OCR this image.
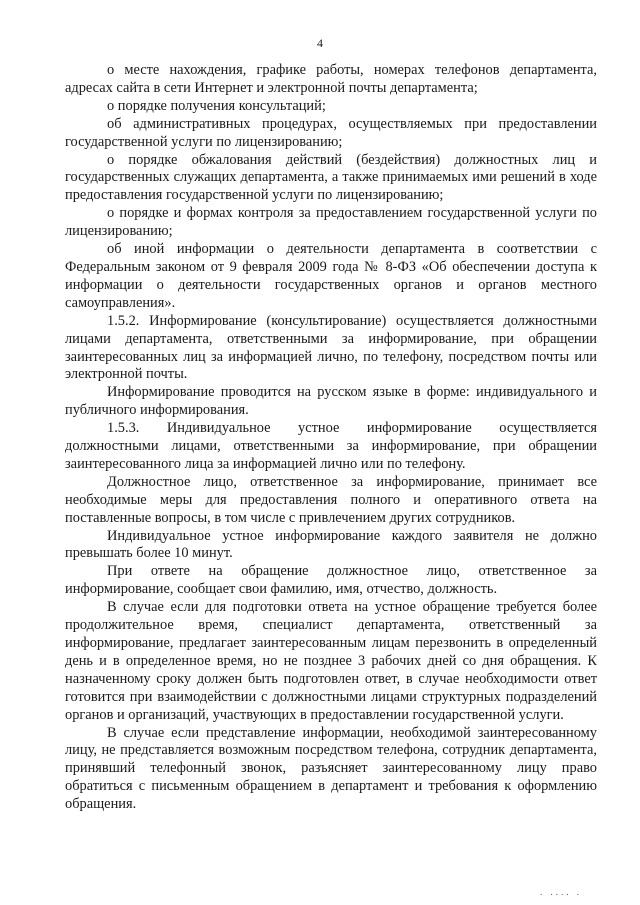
4

о месте нахождения, графике работы, номерах телефонов департамента, адресах сайта в сети Интернет и электронной почты департамента;

о порядке получения консультаций;

об административных процедурах, осуществляемых при предоставлении государственной услуги по лицензированию;

о порядке обжалования действий (бездействия) должностных лиц и государственных служащих департамента, а также принимаемых ими решений в ходе предоставления государственной услуги по лицензированию;

о порядке и формах контроля за предоставлением государственной услуги по лицензированию;

об иной информации о деятельности департамента в соответствии с Федеральным законом от 9 февраля 2009 года № 8-ФЗ «Об обеспечении доступа к информации о деятельности государственных органов и органов местного самоуправления».

1.5.2. Информирование (консультирование) осуществляется должностными лицами департамента, ответственными за информирование, при обращении заинтересованных лиц за информацией лично, по телефону, посредством почты или электронной почты.

Информирование проводится на русском языке в форме: индивидуального и публичного информирования.

1.5.3. Индивидуальное устное информирование осуществляется должностными лицами, ответственными за информирование, при обращении заинтересованного лица за информацией лично или по телефону.

Должностное лицо, ответственное за информирование, принимает все необходимые меры для предоставления полного и оперативного ответа на поставленные вопросы, в том числе с привлечением других сотрудников.

Индивидуальное устное информирование каждого заявителя не должно превышать более 10 минут.

При ответе на обращение должностное лицо, ответственное за информирование, сообщает свои фамилию, имя, отчество, должность.

В случае если для подготовки ответа на устное обращение требуется более продолжительное время, специалист департамента, ответственный за информирование, предлагает заинтересованным лицам перезвонить в определенный день и в определенное время, но не позднее 3 рабочих дней со дня обращения. К назначенному сроку должен быть подготовлен ответ, в случае необходимости ответ готовится при взаимодействии с должностными лицами структурных подразделений органов и организаций, участвующих в предоставлении государственной услуги.

В случае если представление информации, необходимой заинтересованному лицу, не представляется возможным посредством телефона, сотрудник департамента, принявший телефонный звонок, разъясняет заинтересованному лицу право обратиться с письменным обращением в департамент и требования к оформлению обращения.

. .... .
